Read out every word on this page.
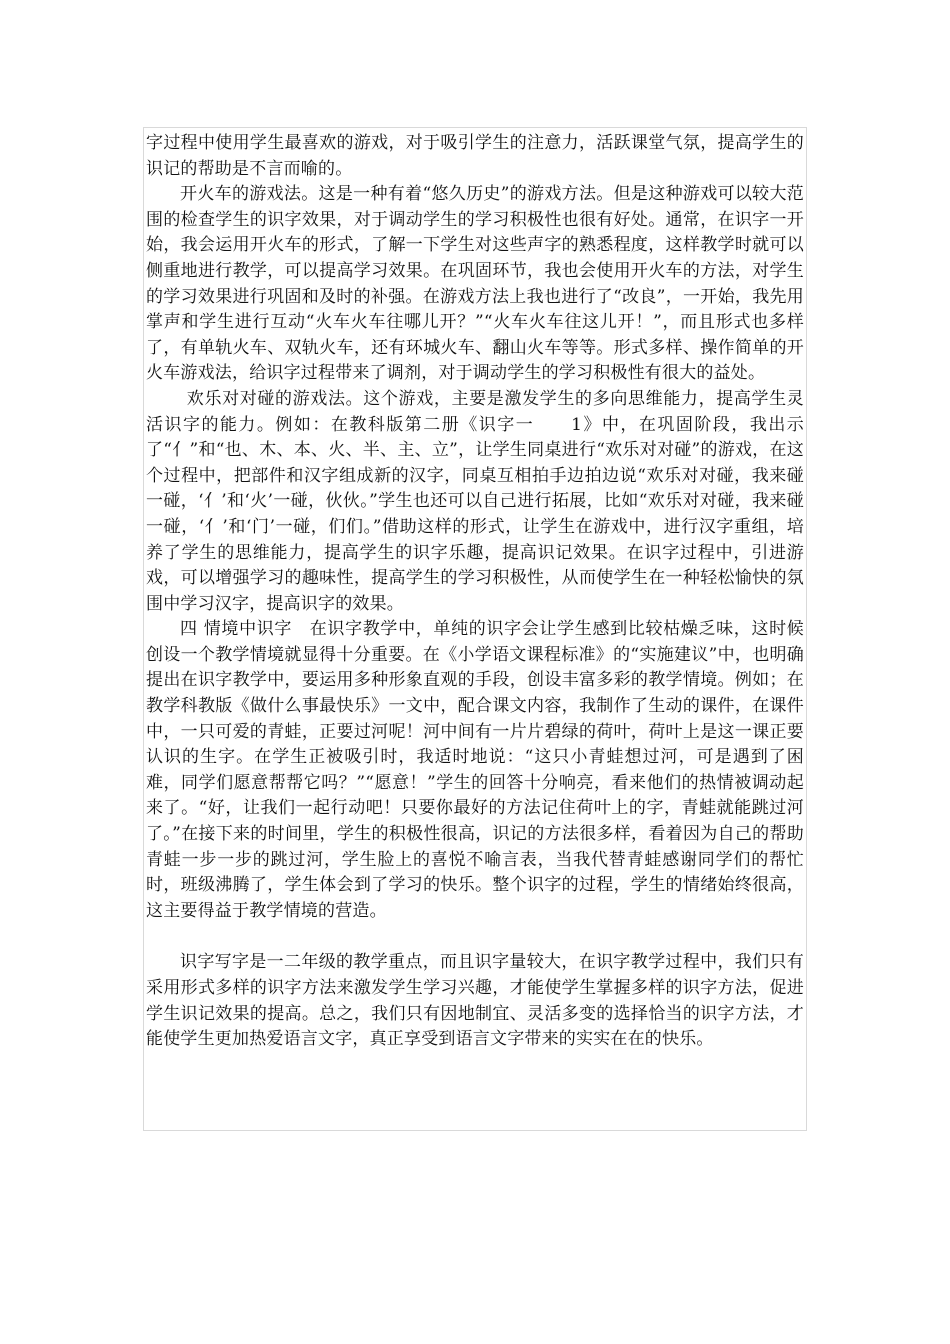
字过程中使用学生最喜欢的游戏，对于吸引学生的注意力，活跃课堂气氛，提高学生的识记的帮助是不言而喻的。

开火车的游戏法。这是一种有着“悠久历史”的游戏方法。但是这种游戏可以较大范围的检查学生的识字效果，对于调动学生的学习积极性也很有好处。通常，在识字一开始，我会运用开火车的形式，了解一下学生对这些声字的熟悉程度，这样教学时就可以侧重地进行教学，可以提高学习效果。在巩固环节，我也会使用开火车的方法，对学生的学习效果进行巩固和及时的补强。在游戏方法上我也进行了“改良”，一开始，我先用掌声和学生进行互动“火车火车往哪儿开？”“火车火车往这儿开！”，而且形式也多样了，有单轨火车、双轨火车，还有环城火车、翻山火车等等。形式多样、操作简单的开火车游戏法，给识字过程带来了调剂，对于调动学生的学习积极性有很大的益处。

欢乐对对碰的游戏法。这个游戏，主要是激发学生的多向思维能力，提高学生灵活识字的能力。例如：在教科版第二册《识字一　　1》中，在巩固阶段，我出示了“亻”和“也、木、本、火、半、主、立”，让学生同桌进行“欢乐对对碰”的游戏，在这个过程中，把部件和汉字组成新的汉字，同桌互相拍手边拍边说“欢乐对对碰，我来碰一碰，‘亻’和‘火’一碰，伙伙。”学生也还可以自己进行拓展，比如“欢乐对对碰，我来碰一碰，‘亻’和‘门’一碰，们们。”借助这样的形式，让学生在游戏中，进行汉字重组，培养了学生的思维能力，提高学生的识字乐趣，提高识记效果。在识字过程中，引进游戏，可以增强学习的趣味性，提高学生的学习积极性，从而使学生在一种轻松愉快的氛围中学习汉字，提高识字的效果。

四 情境中识字　在识字教学中，单纯的识字会让学生感到比较枯燥乏味，这时候创设一个教学情境就显得十分重要。在《小学语文课程标准》的“实施建议”中，也明确提出在识字教学中，要运用多种形象直观的手段，创设丰富多彩的教学情境。例如；在教学科教版《做什么事最快乐》一文中，配合课文内容，我制作了生动的课件，在课件中，一只可爱的青蛙，正要过河呢！河中间有一片片碧绿的荷叶，荷叶上是这一课正要认识的生字。在学生正被吸引时，我适时地说：“这只小青蛙想过河，可是遇到了困难，同学们愿意帮帮它吗？”“愿意！”学生的回答十分响亮，看来他们的热情被调动起来了。“好，让我们一起行动吧！只要你最好的方法记住荷叶上的字，青蛙就能跳过河了。”在接下来的时间里，学生的积极性很高，识记的方法很多样，看着因为自己的帮助青蛙一步一步的跳过河，学生脸上的喜悦不喻言表，当我代替青蛙感谢同学们的帮忙时，班级沸腾了，学生体会到了学习的快乐。整个识字的过程，学生的情绪始终很高，这主要得益于教学情境的营造。

识字写字是一二年级的教学重点，而且识字量较大，在识字教学过程中，我们只有采用形式多样的识字方法来激发学生学习兴趣，才能使学生掌握多样的识字方法，促进学生识记效果的提高。总之，我们只有因地制宜、灵活多变的选择恰当的识字方法，才能使学生更加热爱语言文字，真正享受到语言文字带来的实实在在的快乐。
